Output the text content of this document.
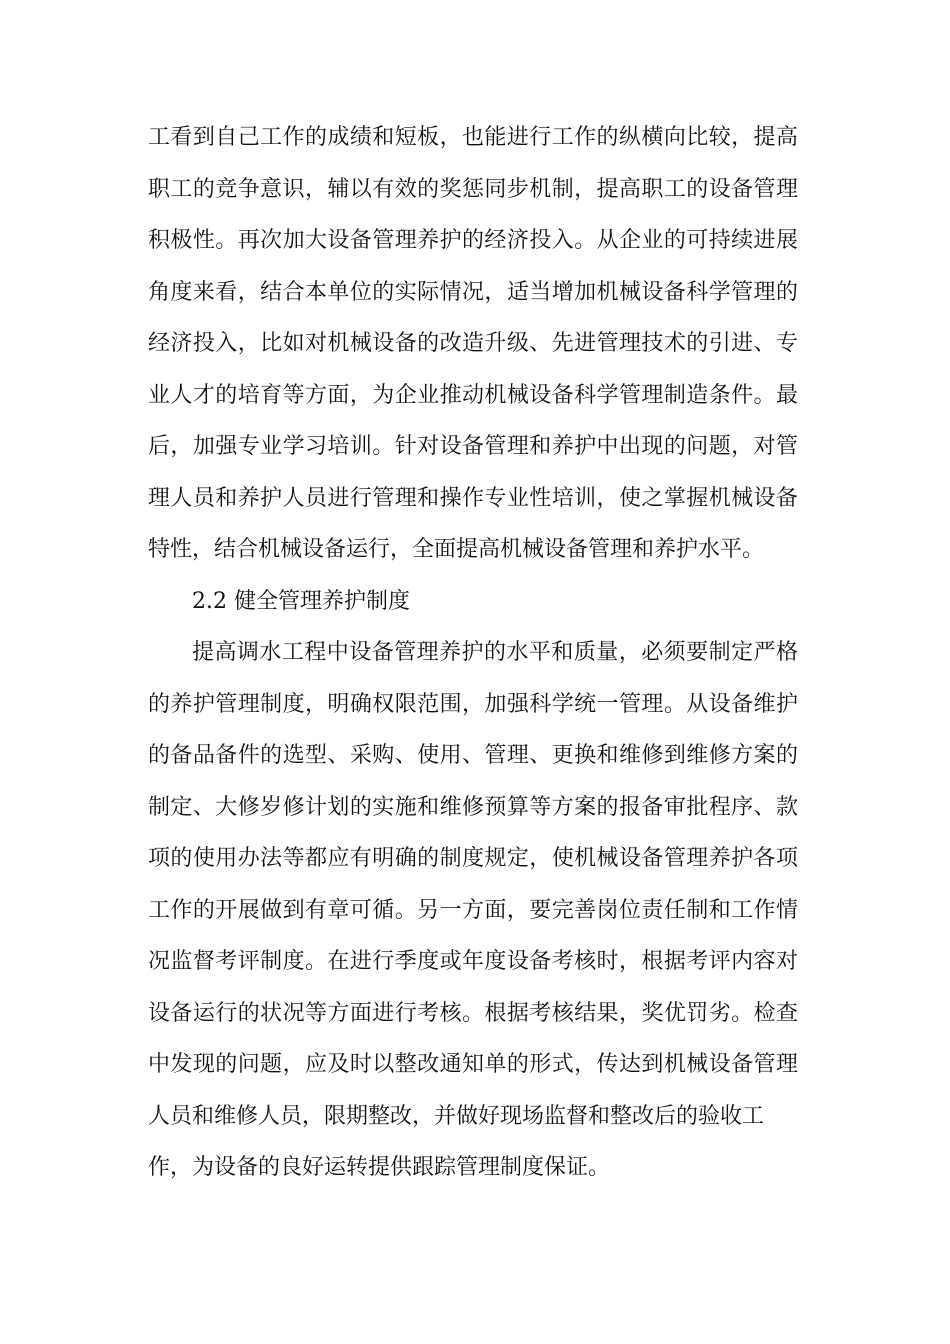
工看到自己工作的成绩和短板，也能进行工作的纵横向比较，提高
职工的竞争意识，辅以有效的奖惩同步机制，提高职工的设备管理
积极性。再次加大设备管理养护的经济投入。从企业的可持续进展
角度来看，结合本单位的实际情况，适当增加机械设备科学管理的
经济投入，比如对机械设备的改造升级、先进管理技术的引进、专
业人才的培育等方面，为企业推动机械设备科学管理制造条件。最
后，加强专业学习培训。针对设备管理和养护中出现的问题，对管
理人员和养护人员进行管理和操作专业性培训，使之掌握机械设备
特性，结合机械设备运行，全面提高机械设备管理和养护水平。
2.2 健全管理养护制度
提高调水工程中设备管理养护的水平和质量，必须要制定严格
的养护管理制度，明确权限范围，加强科学统一管理。从设备维护
的备品备件的选型、采购、使用、管理、更换和维修到维修方案的
制定、大修岁修计划的实施和维修预算等方案的报备审批程序、款
项的使用办法等都应有明确的制度规定，使机械设备管理养护各项
工作的开展做到有章可循。另一方面，要完善岗位责任制和工作情
况监督考评制度。在进行季度或年度设备考核时，根据考评内容对
设备运行的状况等方面进行考核。根据考核结果，奖优罚劣。检查
中发现的问题，应及时以整改通知单的形式，传达到机械设备管理
人员和维修人员，限期整改，并做好现场监督和整改后的验收工
作，为设备的良好运转提供跟踪管理制度保证。
